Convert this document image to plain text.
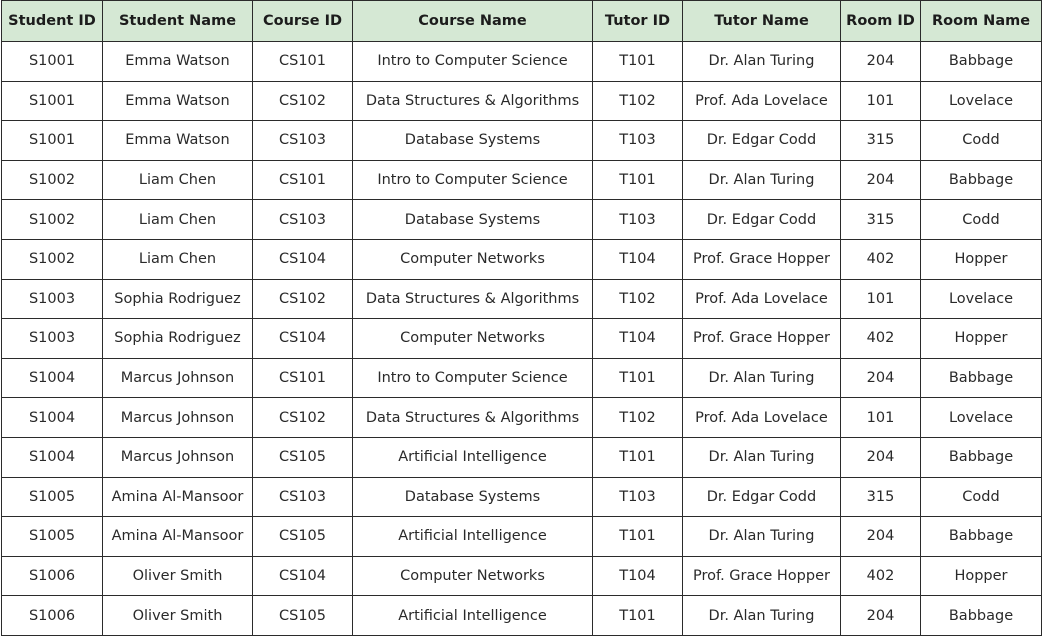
Student ID	Student Name	Course ID	Course Name	Tutor ID	Tutor Name	Room ID	Room Name
S1001	Emma Watson	CS101	Intro to Computer Science	T101	Dr. Alan Turing	204	Babbage
S1001	Emma Watson	CS102	Data Structures & Algorithms	T102	Prof. Ada Lovelace	101	Lovelace
S1001	Emma Watson	CS103	Database Systems	T103	Dr. Edgar Codd	315	Codd
S1002	Liam Chen	CS101	Intro to Computer Science	T101	Dr. Alan Turing	204	Babbage
S1002	Liam Chen	CS103	Database Systems	T103	Dr. Edgar Codd	315	Codd
S1002	Liam Chen	CS104	Computer Networks	T104	Prof. Grace Hopper	402	Hopper
S1003	Sophia Rodriguez	CS102	Data Structures & Algorithms	T102	Prof. Ada Lovelace	101	Lovelace
S1003	Sophia Rodriguez	CS104	Computer Networks	T104	Prof. Grace Hopper	402	Hopper
S1004	Marcus Johnson	CS101	Intro to Computer Science	T101	Dr. Alan Turing	204	Babbage
S1004	Marcus Johnson	CS102	Data Structures & Algorithms	T102	Prof. Ada Lovelace	101	Lovelace
S1004	Marcus Johnson	CS105	Artificial Intelligence	T101	Dr. Alan Turing	204	Babbage
S1005	Amina Al-Mansoor	CS103	Database Systems	T103	Dr. Edgar Codd	315	Codd
S1005	Amina Al-Mansoor	CS105	Artificial Intelligence	T101	Dr. Alan Turing	204	Babbage
S1006	Oliver Smith	CS104	Computer Networks	T104	Prof. Grace Hopper	402	Hopper
S1006	Oliver Smith	CS105	Artificial Intelligence	T101	Dr. Alan Turing	204	Babbage
